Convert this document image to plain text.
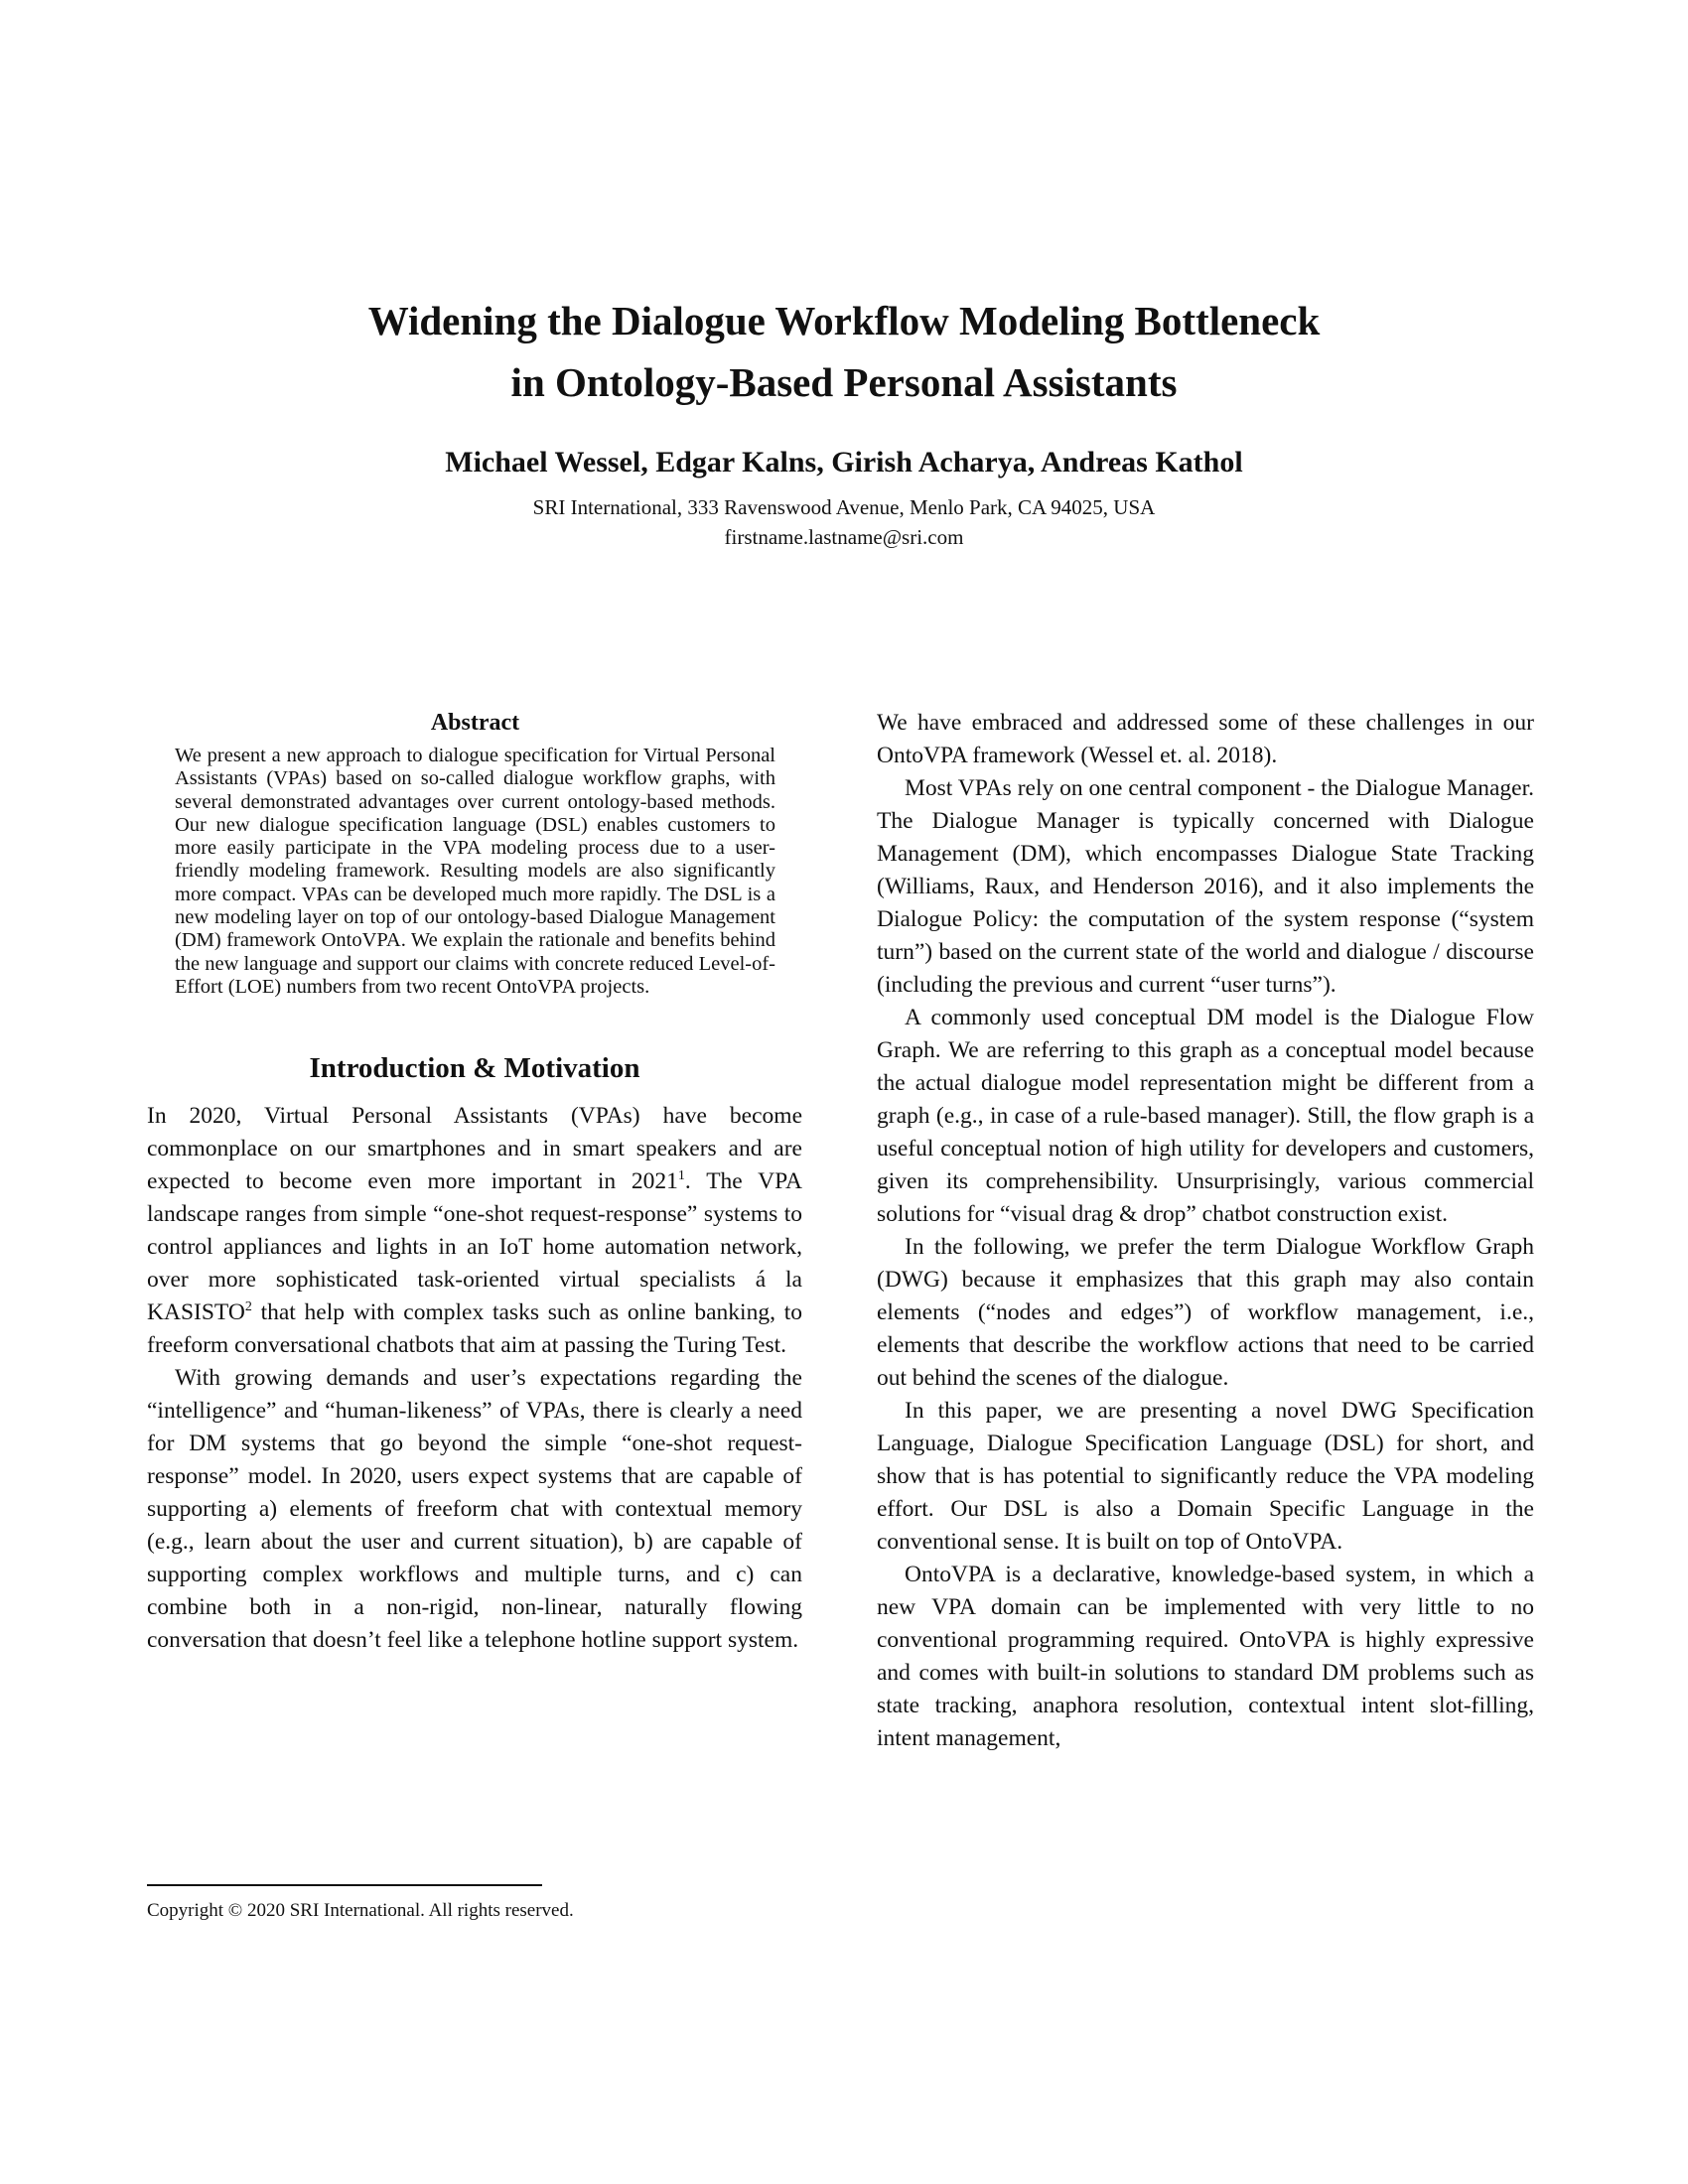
Widening the Dialogue Workflow Modeling Bottleneck
in Ontology-Based Personal Assistants

Michael Wessel, Edgar Kalns, Girish Acharya, Andreas Kathol

SRI International, 333 Ravenswood Avenue, Menlo Park, CA 94025, USA
firstname.lastname@sri.com
Abstract

We present a new approach to dialogue specification for Virtual Personal Assistants (VPAs) based on so-called dialogue workflow graphs, with several demonstrated advantages over current ontology-based methods. Our new dialogue specification language (DSL) enables customers to more easily participate in the VPA modeling process due to a user-friendly modeling framework. Resulting models are also significantly more compact. VPAs can be developed much more rapidly. The DSL is a new modeling layer on top of our ontology-based Dialogue Management (DM) framework OntoVPA. We explain the rationale and benefits behind the new language and support our claims with concrete reduced Level-of-Effort (LOE) numbers from two recent OntoVPA projects.

Introduction & Motivation

In 2020, Virtual Personal Assistants (VPAs) have become commonplace on our smartphones and in smart speakers and are expected to become even more important in 2021$^1$. The VPA landscape ranges from simple “one-shot request-response” systems to control appliances and lights in an IoT home automation network, over more sophisticated task-oriented virtual specialists á la KASISTO$^2$ that help with complex tasks such as online banking, to freeform conversational chatbots that aim at passing the Turing Test.

With growing demands and user’s expectations regarding the “intelligence” and “human-likeness” of VPAs, there is clearly a need for DM systems that go beyond the simple “one-shot request-response” model. In 2020, users expect systems that are capable of supporting a) elements of freeform chat with contextual memory (e.g., learn about the user and current situation), b) are capable of supporting complex workflows and multiple turns, and c) can combine both in a non-rigid, non-linear, naturally flowing conversation that doesn’t feel like a telephone hotline support system.

We have embraced and addressed some of these challenges in our OntoVPA framework (Wessel et. al. 2018).

Most VPAs rely on one central component - the Dialogue Manager. The Dialogue Manager is typically concerned with Dialogue Management (DM), which encompasses Dialogue State Tracking (Williams, Raux, and Henderson 2016), and it also implements the Dialogue Policy: the computation of the system response (“system turn”) based on the current state of the world and dialogue / discourse (including the previous and current “user turns”).

A commonly used conceptual DM model is the Dialogue Flow Graph. We are referring to this graph as a conceptual model because the actual dialogue model representation might be different from a graph (e.g., in case of a rule-based manager). Still, the flow graph is a useful conceptual notion of high utility for developers and customers, given its comprehensibility. Unsurprisingly, various commercial solutions for “visual drag & drop” chatbot construction exist.

In the following, we prefer the term Dialogue Workflow Graph (DWG) because it emphasizes that this graph may also contain elements (“nodes and edges”) of workflow management, i.e., elements that describe the workflow actions that need to be carried out behind the scenes of the dialogue.

In this paper, we are presenting a novel DWG Specification Language, Dialogue Specification Language (DSL) for short, and show that is has potential to significantly reduce the VPA modeling effort. Our DSL is also a Domain Specific Language in the conventional sense. It is built on top of OntoVPA.

OntoVPA is a declarative, knowledge-based system, in which a new VPA domain can be implemented with very little to no conventional programming required. OntoVPA is highly expressive and comes with built-in solutions to standard DM problems such as state tracking, anaphora resolution, contextual intent slot-filling, intent management,

Copyright © 2020 SRI International. All rights reserved.
